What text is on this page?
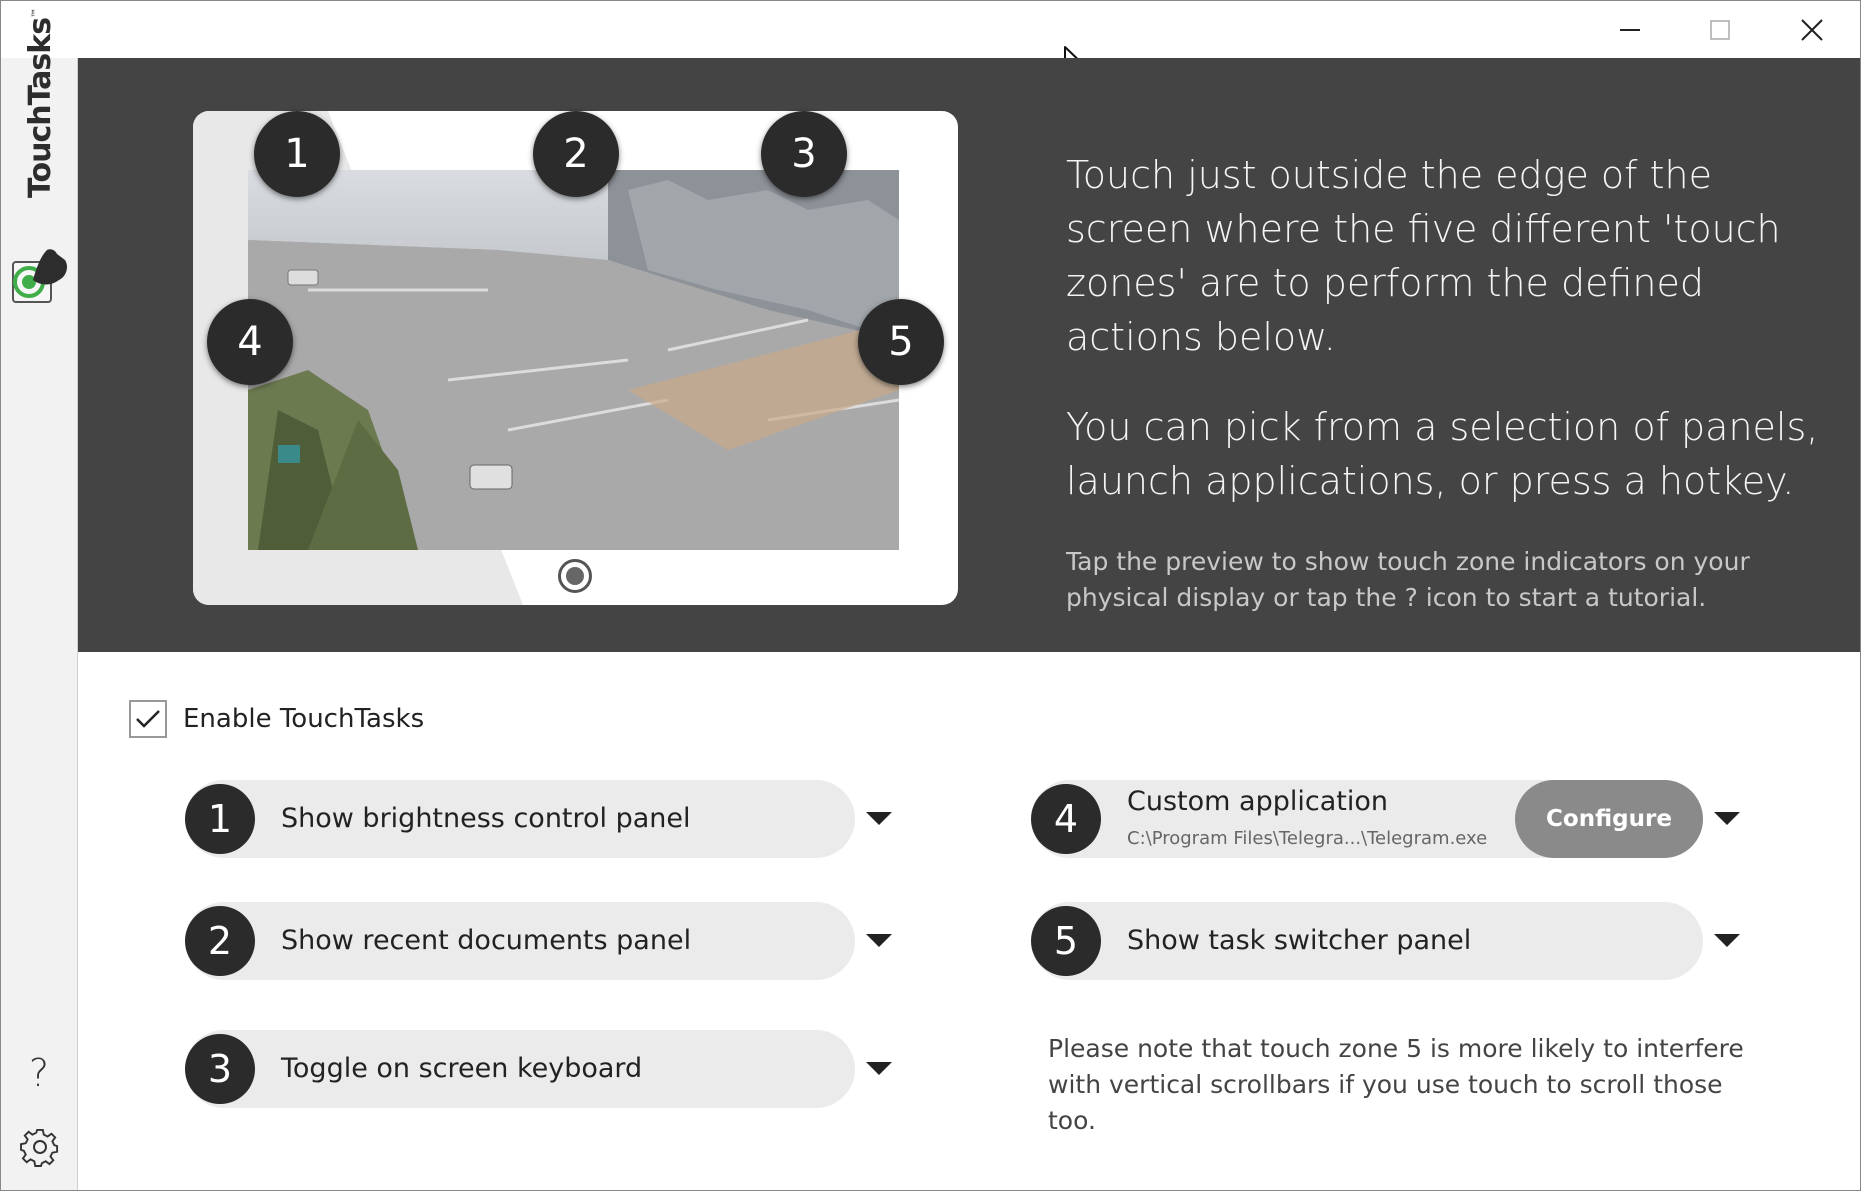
TouchTasks™
?
1	2	3
4	5

Touch just outside the edge of the screen where the five different 'touch zones' are to perform the defined actions below.

You can pick from a selection of panels, launch applications, or press a hotkey.

Tap the preview to show touch zone indicators on your physical display or tap the ? icon to start a tutorial.

Enable TouchTasks
1	Show brightness control panel
2	Show recent documents panel
3	Toggle on screen keyboard
4	Custom application
C:\Program Files\Telegra...\Telegram.exe
Configure
5	Show task switcher panel

Please note that touch zone 5 is more likely to interfere with vertical scrollbars if you use touch to scroll those too.
